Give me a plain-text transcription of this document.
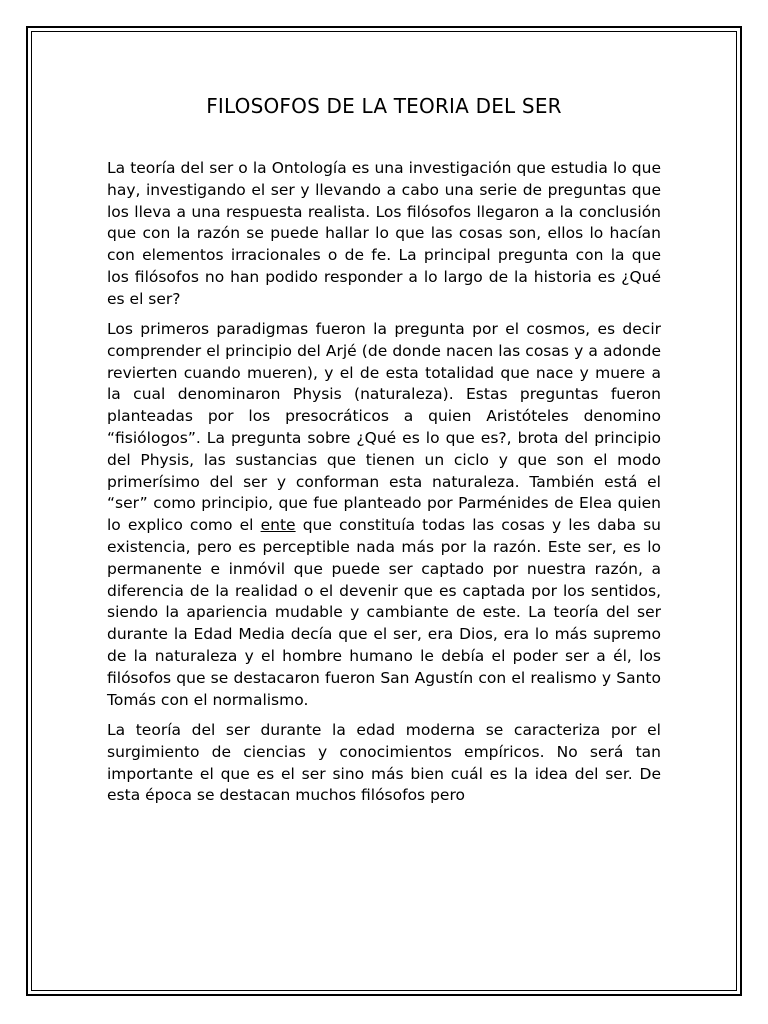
FILOSOFOS DE LA TEORIA DEL SER

La teoría del ser o la Ontología es una investigación que estudia lo que hay, investigando el ser y llevando a cabo una serie de preguntas que los lleva a una respuesta realista. Los filósofos llegaron a la conclusión que con la razón se puede hallar lo que las cosas son, ellos lo hacían con elementos irracionales o de fe. La principal pregunta con la que los filósofos no han podido responder a lo largo de la historia es ¿Qué es el ser?

Los primeros paradigmas fueron la pregunta por el cosmos, es decir comprender el principio del Arjé (de donde nacen las cosas y a adonde revierten cuando mueren), y el de esta totalidad que nace y muere a la cual denominaron Physis (naturaleza). Estas preguntas fueron planteadas por los presocráticos a quien Aristóteles denomino “fisiólogos”. La pregunta sobre ¿Qué es lo que es?, brota del principio del Physis, las sustancias que tienen un ciclo y que son el modo primerísimo del ser y conforman esta naturaleza. También está el “ser” como principio, que fue planteado por Parménides de Elea quien lo explico como el ente que constituía todas las cosas y les daba su existencia, pero es perceptible nada más por la razón. Este ser, es lo permanente e inmóvil que puede ser captado por nuestra razón, a diferencia de la realidad o el devenir que es captada por los sentidos, siendo la apariencia mudable y cambiante de este. La teoría del ser durante la Edad Media decía que el ser, era Dios, era lo más supremo de la naturaleza y el hombre humano le debía el poder ser a él, los filósofos que se destacaron fueron San Agustín con el realismo y Santo Tomás con el normalismo.

La teoría del ser durante la edad moderna se caracteriza por el surgimiento de ciencias y conocimientos empíricos. No será tan importante el que es el ser sino más bien cuál es la idea del ser. De esta época se destacan muchos filósofos pero
